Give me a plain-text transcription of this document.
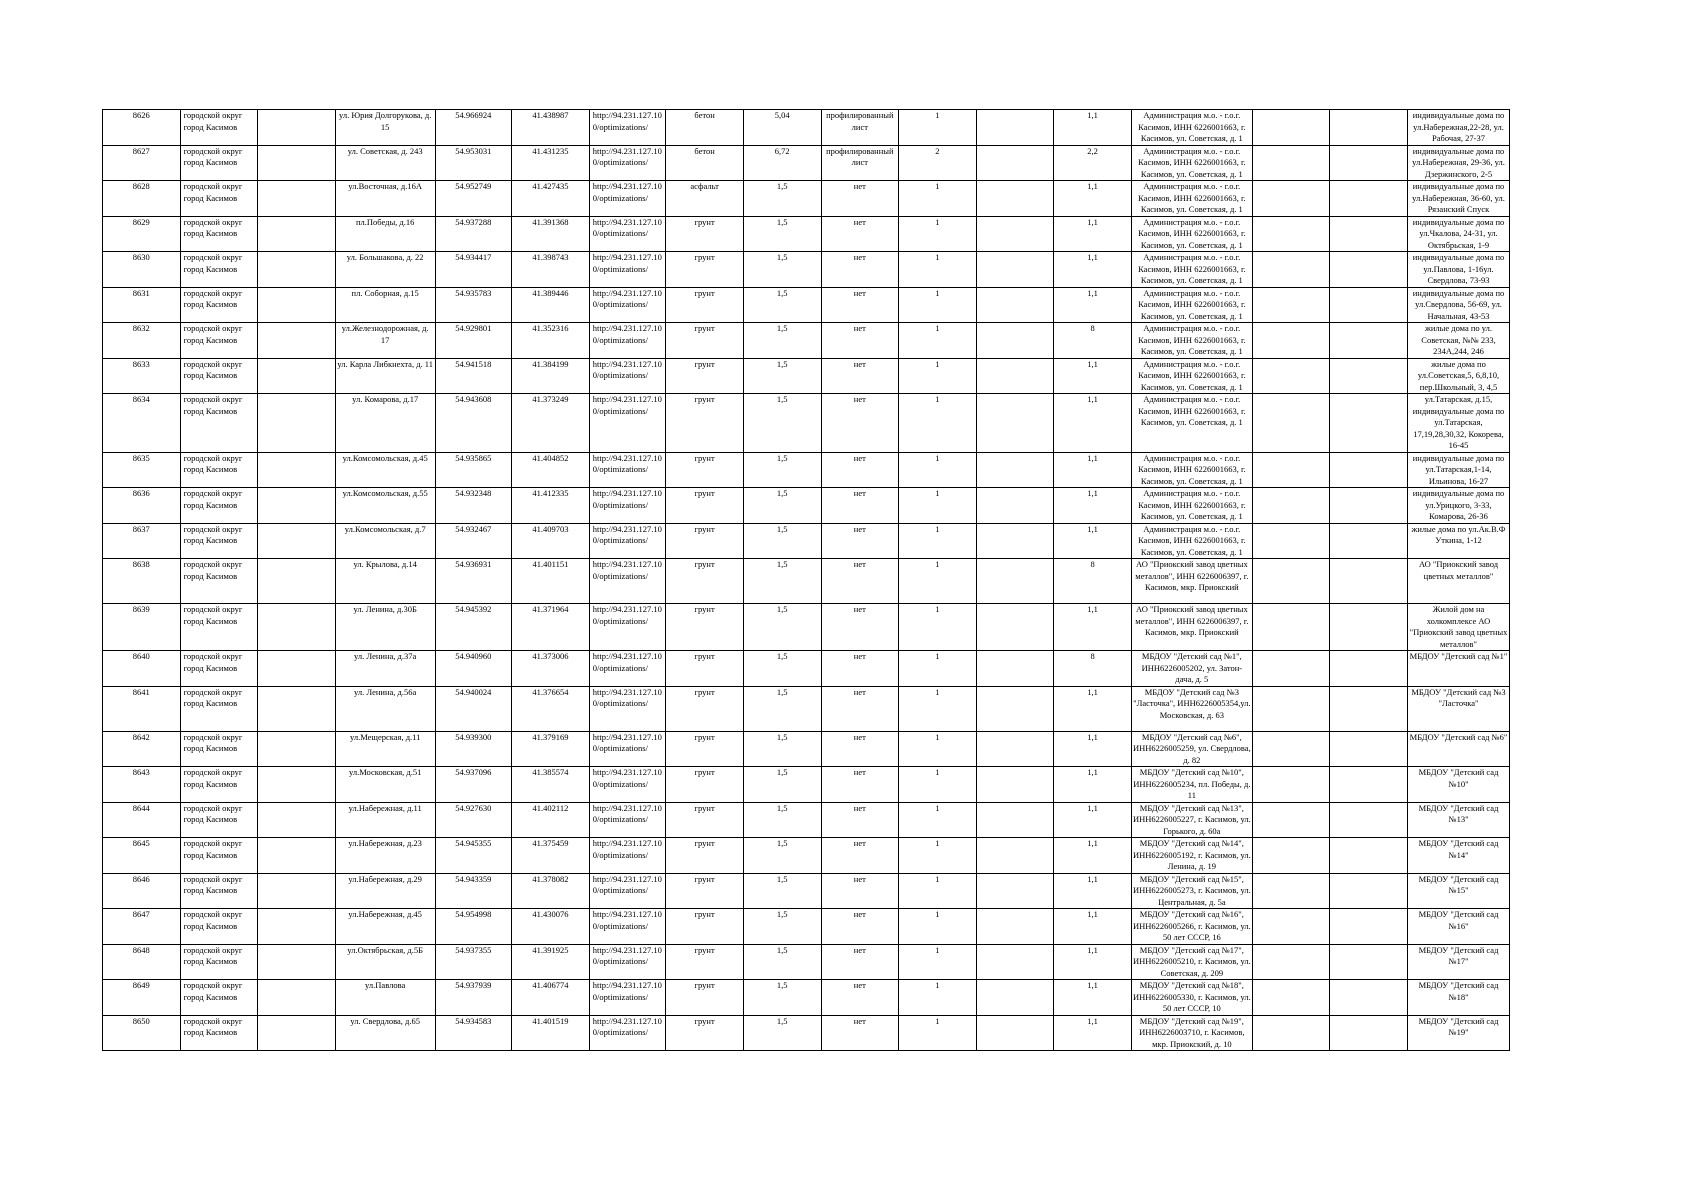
8626	городской округ город Касимов		ул. Юрия Долгорукова, д. 15	54.966924	41.438987	http://94.231.127.100/optimizations/	бетон	5,04	профилированный лист	1		1,1	Администрация м.о. - г.о.г. Касимов, ИНН 6226001663, г. Касимов, ул. Советская, д. 1			индивидуальные дома по ул.Набережная,22-28, ул. Рабочая, 27-37
8627	городской округ город Касимов		ул. Советская, д. 243	54.953031	41.431235	http://94.231.127.100/optimizations/	бетон	6,72	профилированный лист	2		2,2	Администрация м.о. - г.о.г. Касимов, ИНН 6226001663, г. Касимов, ул. Советская, д. 1			индивидуальные дома по ул.Набережная, 29-36, ул. Дзержинского, 2-5
8628	городской округ город Касимов		ул.Восточная, д.16А	54.952749	41.427435	http://94.231.127.100/optimizations/	асфальт	1,5	нет	1		1,1	Администрация м.о. - г.о.г. Касимов, ИНН 6226001663, г. Касимов, ул. Советская, д. 1			индивидуальные дома по ул.Набережная, 36-60, ул. Рязанский Спуск
8629	городской округ город Касимов		пл.Победы, д.16	54.937288	41.391368	http://94.231.127.100/optimizations/	грунт	1,5	нет	1		1,1	Администрация м.о. - г.о.г. Касимов, ИНН 6226001663, г. Касимов, ул. Советская, д. 1			индивидуальные дома по ул.Чкалова, 24-31, ул. Октябрьская, 1-9
8630	городской округ город Касимов		ул. Большакова, д. 22	54.934417	41.398743	http://94.231.127.100/optimizations/	грунт	1,5	нет	1		1,1	Администрация м.о. - г.о.г. Касимов, ИНН 6226001663, г. Касимов, ул. Советская, д. 1			индивидуальные дома по ул.Павлова, 1-16ул. Свердлова, 73-93
8631	городской округ город Касимов		пл. Соборная, д.15	54.935783	41.389446	http://94.231.127.100/optimizations/	грунт	1,5	нет	1		1,1	Администрация м.о. - г.о.г. Касимов, ИНН 6226001663, г. Касимов, ул. Советская, д. 1			индивидуальные дома по ул.Свердлова, 56-69, ул. Начальная, 43-53
8632	городской округ город Касимов		ул.Железнодорожная, д. 17	54.929801	41.352316	http://94.231.127.100/optimizations/	грунт	1,5	нет	1		8	Администрация м.о. - г.о.г. Касимов, ИНН 6226001663, г. Касимов, ул. Советская, д. 1			жилые дома по ул. Советская, №№ 233, 234А,244, 246
8633	городской округ город Касимов		ул. Карла Либкнехта, д. 11	54.941518	41.384199	http://94.231.127.100/optimizations/	грунт	1,5	нет	1		1,1	Администрация м.о. - г.о.г. Касимов, ИНН 6226001663, г. Касимов, ул. Советская, д. 1			жилые дома по ул.Советская,5, 6,8,10, пер.Школьный, 3, 4,5
8634	городской округ город Касимов		ул. Комарова, д.17	54.943608	41.373249	http://94.231.127.100/optimizations/	грунт	1,5	нет	1		1,1	Администрация м.о. - г.о.г. Касимов, ИНН 6226001663, г. Касимов, ул. Советская, д. 1			ул.Татарская, д.15, индивидуальные дома по ул.Татарская, 17,19,28,30,32, Кокорева, 16-45
8635	городской округ город Касимов		ул.Комсомольская, д.45	54.935865	41.404852	http://94.231.127.100/optimizations/	грунт	1,5	нет	1		1,1	Администрация м.о. - г.о.г. Касимов, ИНН 6226001663, г. Касимов, ул. Советская, д. 1			индивидуальные дома по ул.Татарская,1-14, Ильинова, 16-27
8636	городской округ город Касимов		ул.Комсомольская, д.55	54.932348	41.412335	http://94.231.127.100/optimizations/	грунт	1,5	нет	1		1,1	Администрация м.о. - г.о.г. Касимов, ИНН 6226001663, г. Касимов, ул. Советская, д. 1			индивидуальные дома по ул.Урицкого, 3-33, Комарова, 26-36
8637	городской округ город Касимов		ул.Комсомольская, д.7	54.932467	41.409703	http://94.231.127.100/optimizations/	грунт	1,5	нет	1		1,1	Администрация м.о. - г.о.г. Касимов, ИНН 6226001663, г. Касимов, ул. Советская, д. 1			жилые дома по ул.Ак.В.Ф Уткина, 1-12
8638	городской округ город Касимов		ул. Крылова, д.14	54.936931	41.401151	http://94.231.127.100/optimizations/	грунт	1,5	нет	1		8	АО "Приокский завод цветных металлов", ИНН 6226006397, г. Касимов, мкр. Приокский			АО "Приокский завод цветных металлов"
8639	городской округ город Касимов		ул. Ленина, д.30Б	54.945392	41.371964	http://94.231.127.100/optimizations/	грунт	1,5	нет	1		1,1	АО "Приокский завод цветных металлов", ИНН 6226006397, г. Касимов, мкр. Приокский			Жилой дом на холкомплексе АО "Приокский завод цветных металлов"
8640	городской округ город Касимов		ул. Ленина, д.37а	54.940960	41.373006	http://94.231.127.100/optimizations/	грунт	1,5	нет	1		8	МБДОУ "Детский сад №1", ИНН6226005202, ул. Затон-дача, д. 5			МБДОУ "Детский сад №1"
8641	городской округ город Касимов		ул. Ленина, д.56а	54.940024	41.376654	http://94.231.127.100/optimizations/	грунт	1,5	нет	1		1,1	МБДОУ "Детский сад №3 "Ласточка", ИНН6226005354,ул. Московская, д. 63			МБДОУ "Детский сад №3 "Ласточка"
8642	городской округ город Касимов		ул.Мещерская, д.11	54.939300	41.379169	http://94.231.127.100/optimizations/	грунт	1,5	нет	1		1,1	МБДОУ "Детский сад №6", ИНН6226005259, ул. Свердлова, д. 82			МБДОУ "Детский сад №6"
8643	городской округ город Касимов		ул.Московская, д.51	54.937096	41.385574	http://94.231.127.100/optimizations/	грунт	1,5	нет	1		1,1	МБДОУ "Детский сад №10", ИНН6226005234, пл. Победы, д. 11			МБДОУ "Детский сад №10"
8644	городской округ город Касимов		ул.Набережная, д.11	54.927630	41.402112	http://94.231.127.100/optimizations/	грунт	1,5	нет	1		1,1	МБДОУ "Детский сад №13", ИНН6226005227, г. Касимов, ул. Горького, д. 60а			МБДОУ "Детский сад №13"
8645	городской округ город Касимов		ул.Набережная, д.23	54.945355	41.375459	http://94.231.127.100/optimizations/	грунт	1,5	нет	1		1,1	МБДОУ "Детский сад №14", ИНН6226005192, г. Касимов, ул. Ленина, д. 19			МБДОУ "Детский сад №14"
8646	городской округ город Касимов		ул.Набережная, д.29	54.943359	41.378082	http://94.231.127.100/optimizations/	грунт	1,5	нет	1		1,1	МБДОУ "Детский сад №15", ИНН6226005273, г. Касимов, ул. Центральная, д. 5а			МБДОУ "Детский сад №15"
8647	городской округ город Касимов		ул.Набережная, д.45	54.954998	41.430076	http://94.231.127.100/optimizations/	грунт	1,5	нет	1		1,1	МБДОУ "Детский сад №16", ИНН6226005266, г. Касимов, ул. 50 лет СССР, 16			МБДОУ "Детский сад №16"
8648	городской округ город Касимов		ул.Октябрьская, д.5Б	54.937355	41.391925	http://94.231.127.100/optimizations/	грунт	1,5	нет	1		1,1	МБДОУ "Детский сад №17", ИНН6226005210, г. Касимов, ул. Советская, д. 209			МБДОУ "Детский сад №17"
8649	городской округ город Касимов		ул.Павлова	54.937939	41.406774	http://94.231.127.100/optimizations/	грунт	1,5	нет	1		1,1	МБДОУ "Детский сад №18", ИНН6226005330, г. Касимов, ул. 50 лет СССР, 10			МБДОУ "Детский сад №18"
8650	городской округ город Касимов		ул. Свердлова, д.65	54.934583	41.401519	http://94.231.127.100/optimizations/	грунт	1,5	нет	1		1,1	МБДОУ "Детский сад №19", ИНН6226003710, г. Касимов, мкр. Приокский, д. 10			МБДОУ "Детский сад №19"
